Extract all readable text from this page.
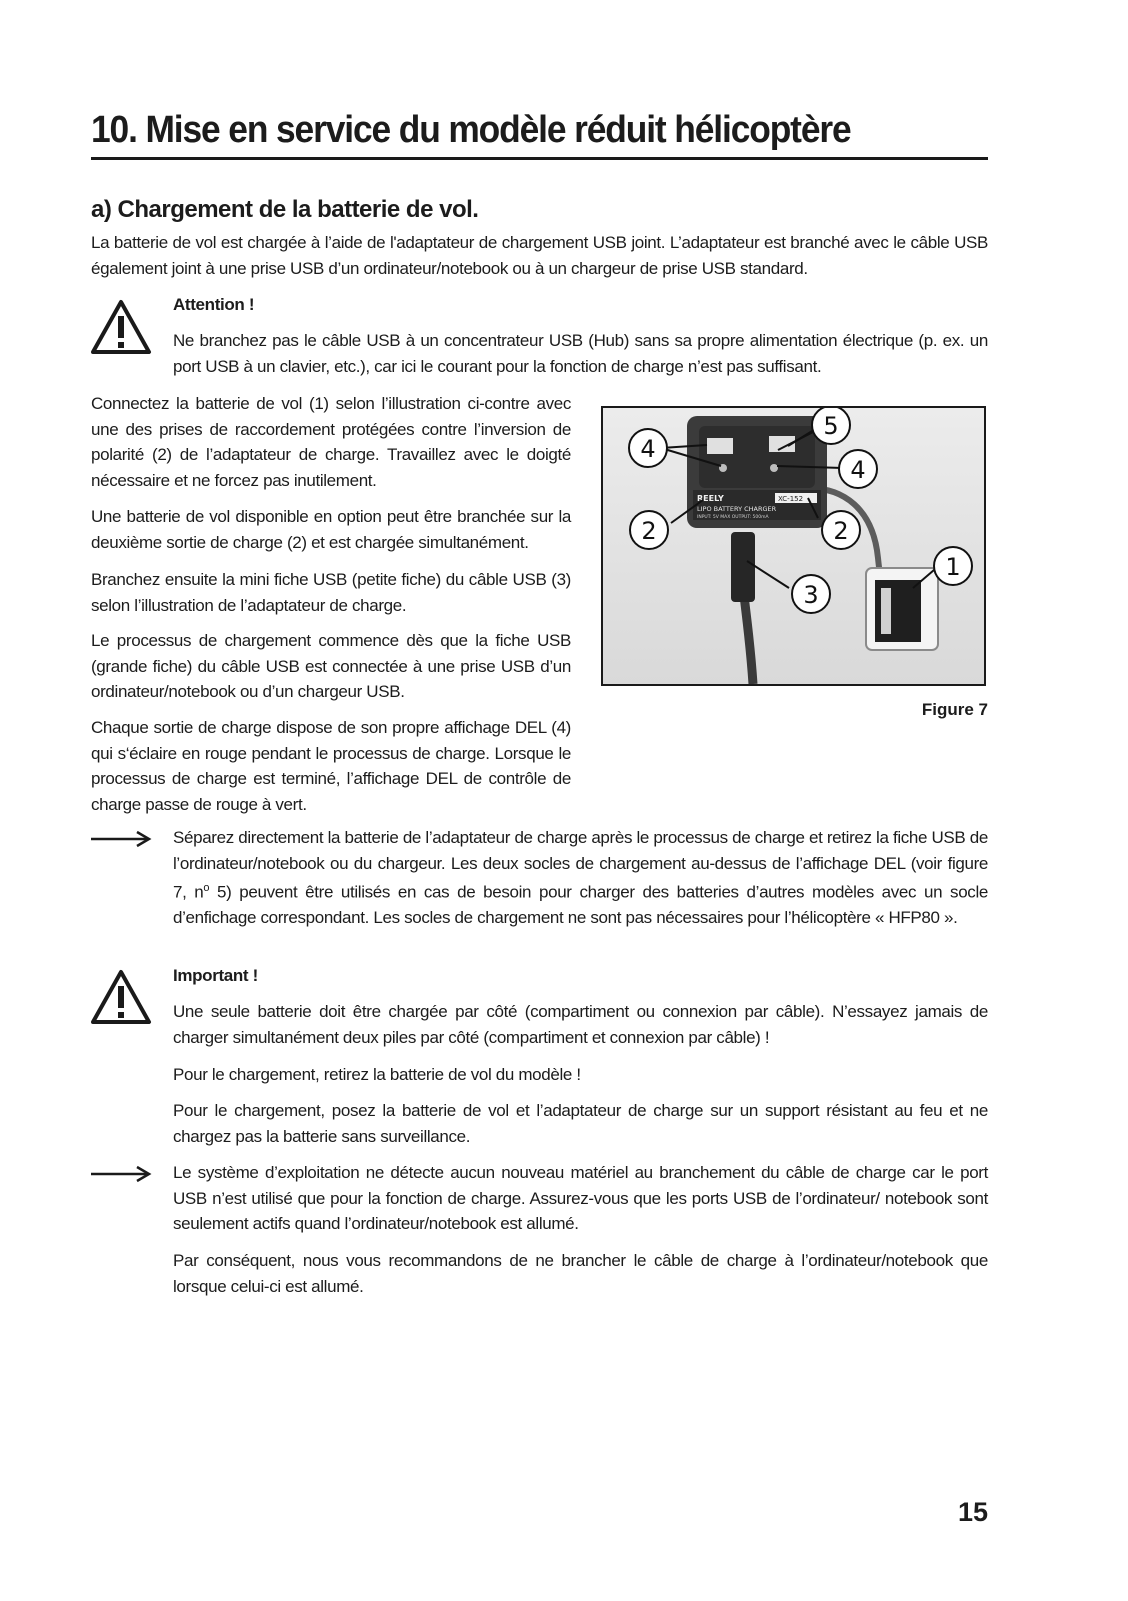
10. Mise en service du modèle réduit hélicoptère
a) Chargement de la batterie de vol.

La batterie de vol est chargée à l’aide de l'adaptateur de chargement USB joint. L’adaptateur est branché avec le câble USB également joint à une prise USB d’un ordinateur/notebook ou à un chargeur de prise USB standard.

Attention !

Ne branchez pas le câble USB à un concentrateur USB (Hub) sans sa propre alimentation électrique (p. ex. un port USB à un clavier, etc.), car ici le courant pour la fonction de charge n’est pas suffisant.

Connectez la batterie de vol (1) selon l’illustration ci-contre avec une des prises de raccordement protégées contre l’inversion de polarité (2) de l’adaptateur de charge. Travaillez avec le doigté nécessaire et ne forcez pas inutilement.

Une batterie de vol disponible en option peut être branchée sur la deuxième sortie de charge (2) et est chargée simultanément.

Branchez ensuite la mini fiche USB (petite fiche) du câble USB (3) selon l’illustration de l’adaptateur de charge.

Le processus de chargement commence dès que la fiche USB (grande fiche) du câble USB est connectée à une prise USB d’un ordinateur/notebook ou d’un chargeur USB.

Chaque sortie de charge dispose de son propre affichage DEL (4) qui s‘éclaire en rouge pendant le processus de charge. Lorsque le processus de charge est terminé, l’affichage DEL de contrôle de charge passe de rouge à vert.

REELY	XC-152
LIPO BATTERY CHARGER
INPUT: 5V MAX OUTPUT: 500mA
4
5
4
2	2
1
3
Figure 7

Séparez directement la batterie de l’adaptateur de charge après le processus de charge et retirez la fiche USB de l’ordinateur/notebook ou du chargeur. Les deux socles de chargement au-dessus de l’affichage DEL (voir figure 7, $n^o$ 5) peuvent être utilisés en cas de besoin pour charger des batteries d’autres modèles avec un socle d’enfichage correspondant. Les socles de chargement ne sont pas nécessaires pour l’hélicoptère « HFP80 ».

Important !

Une seule batterie doit être chargée par côté (compartiment ou connexion par câble). N’essayez jamais de charger simultanément deux piles par côté (compartiment et connexion par câble) !

Pour le chargement, retirez la batterie de vol du modèle !

Pour le chargement, posez la batterie de vol et l’adaptateur de charge sur un support résistant au feu et ne chargez pas la batterie sans surveillance.

Le système d’exploitation ne détecte aucun nouveau matériel au branchement du câble de charge car le port USB n’est utilisé que pour la fonction de charge. Assurez-vous que les ports USB de l’ordinateur/ notebook sont seulement actifs quand l’ordinateur/notebook est allumé.

Par conséquent, nous vous recommandons de ne brancher le câble de charge à l’ordinateur/notebook que lorsque celui-ci est allumé.

15
